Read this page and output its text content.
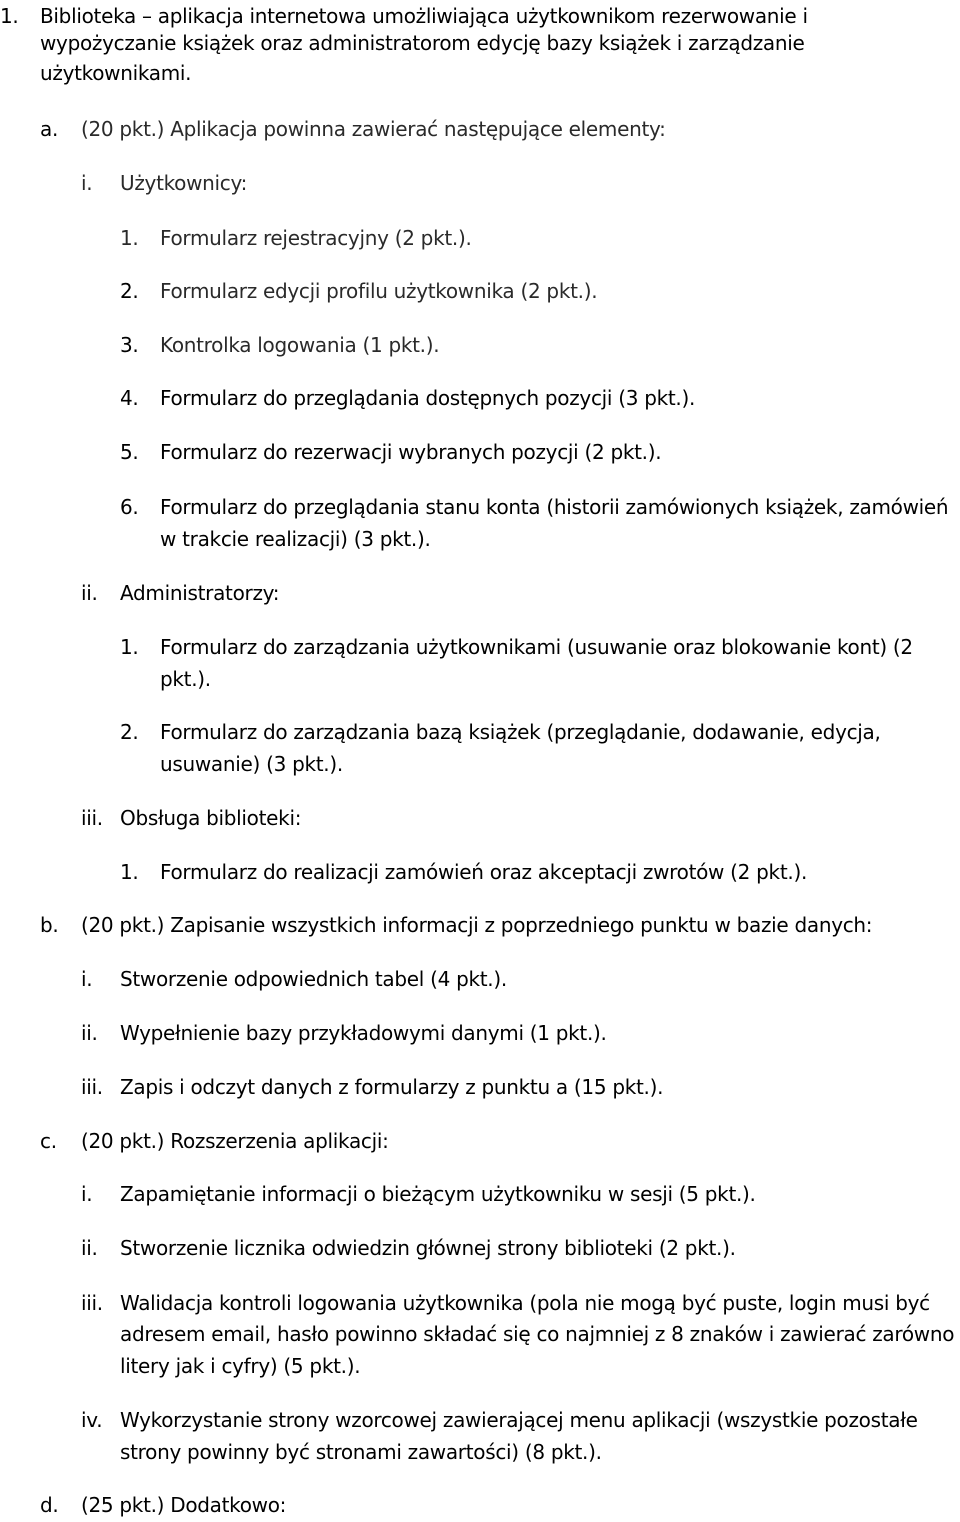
1. Biblioteka – aplikacja internetowa umożliwiająca użytkownikom rezerwowanie i
wypożyczanie książek oraz administratorom edycję bazy książek i zarządzanie
użytkownikami.
a. (20 pkt.) Aplikacja powinna zawierać następujące elementy:
i. Użytkownicy:
1. Formularz rejestracyjny (2 pkt.).
2. Formularz edycji profilu użytkownika (2 pkt.).
3. Kontrolka logowania (1 pkt.).
4. Formularz do przeglądania dostępnych pozycji (3 pkt.).
5. Formularz do rezerwacji wybranych pozycji (2 pkt.).
6. Formularz do przeglądania stanu konta (historii zamówionych książek, zamówień
w trakcie realizacji) (3 pkt.).
ii. Administratorzy:
1. Formularz do zarządzania użytkownikami (usuwanie oraz blokowanie kont) (2
pkt.).
2. Formularz do zarządzania bazą książek (przeglądanie, dodawanie, edycja,
usuwanie) (3 pkt.).
iii. Obsługa biblioteki:
1. Formularz do realizacji zamówień oraz akceptacji zwrotów (2 pkt.).
b. (20 pkt.) Zapisanie wszystkich informacji z poprzedniego punktu w bazie danych:
i. Stworzenie odpowiednich tabel (4 pkt.).
ii. Wypełnienie bazy przykładowymi danymi (1 pkt.).
iii. Zapis i odczyt danych z formularzy z punktu a (15 pkt.).
c. (20 pkt.) Rozszerzenia aplikacji:
i. Zapamiętanie informacji o bieżącym użytkowniku w sesji (5 pkt.).
ii. Stworzenie licznika odwiedzin głównej strony biblioteki (2 pkt.).
iii. Walidacja kontroli logowania użytkownika (pola nie mogą być puste, login musi być
adresem email, hasło powinno składać się co najmniej z 8 znaków i zawierać zarówno
litery jak i cyfry) (5 pkt.).
iv. Wykorzystanie strony wzorcowej zawierającej menu aplikacji (wszystkie pozostałe
strony powinny być stronami zawartości) (8 pkt.).
d. (25 pkt.) Dodatkowo:
